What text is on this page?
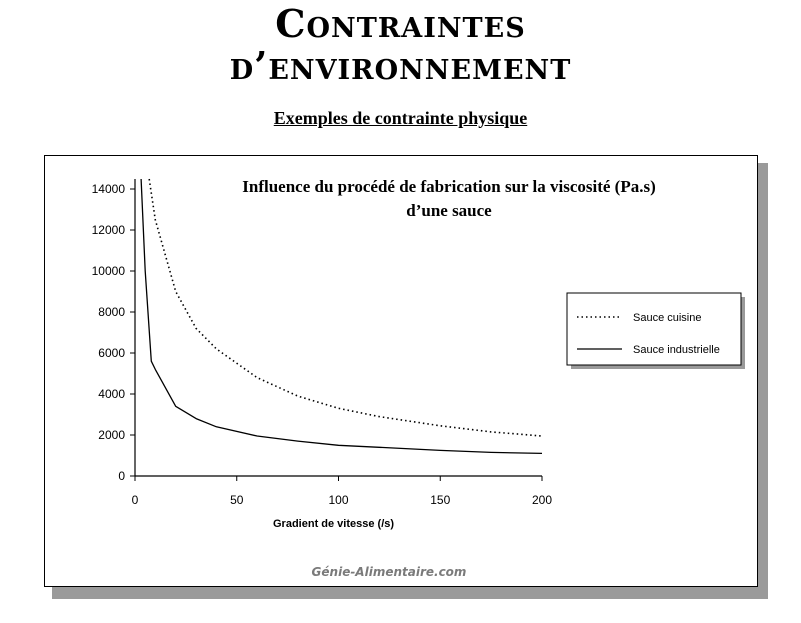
Contraintes
d’environnement
Exemples de contrainte physique
Influence du procédé de fabrication sur la viscosité (Pa.s)
d’une sauce
0
2000
4000
6000
8000
10000
12000
14000
0	50	100	150	200
Gradient de vitesse (/s)
Sauce cuisine
Sauce industrielle
Génie-Alimentaire.com
